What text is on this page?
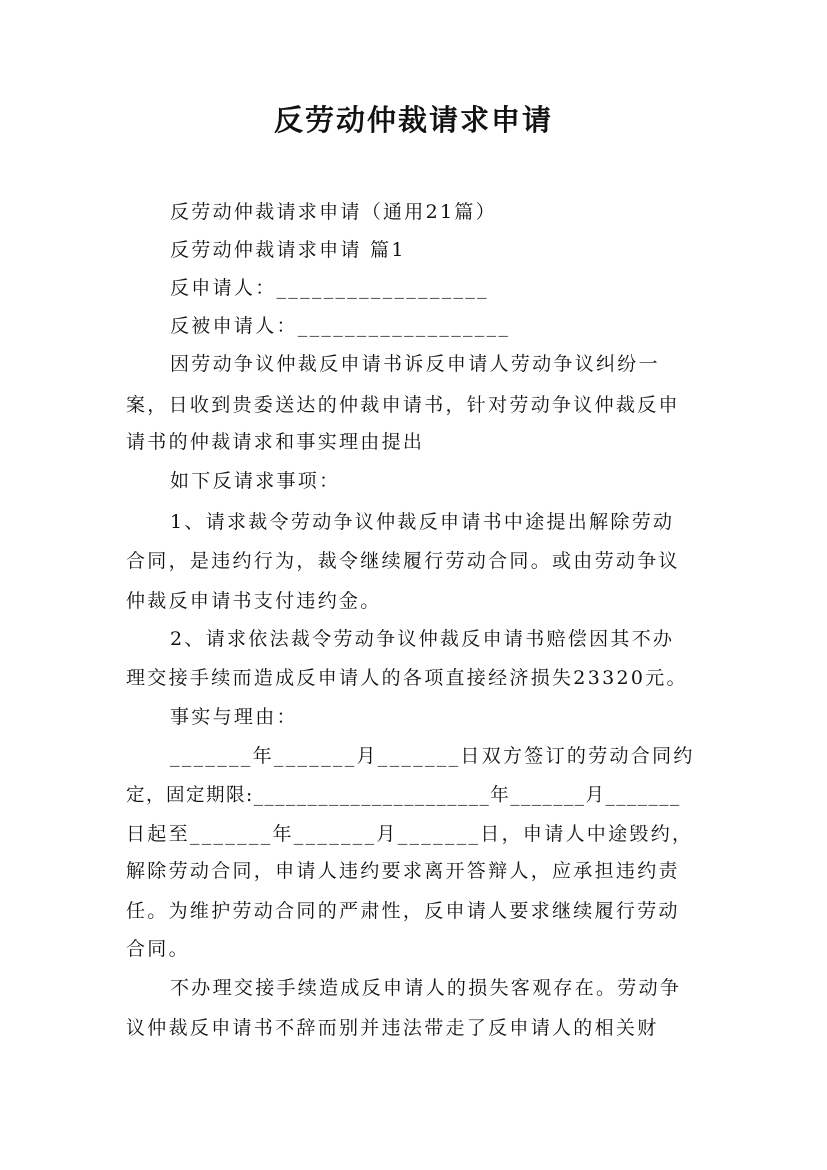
反劳动仲裁请求申请
反劳动仲裁请求申请（通用21篇）
反劳动仲裁请求申请 篇1
反申请人：__________________
反被申请人：__________________
因劳动争议仲裁反申请书诉反申请人劳动争议纠纷一
案，日收到贵委送达的仲裁申请书，针对劳动争议仲裁反申
请书的仲裁请求和事实理由提出
如下反请求事项：
1、请求裁令劳动争议仲裁反申请书中途提出解除劳动
合同，是违约行为，裁令继续履行劳动合同。或由劳动争议
仲裁反申请书支付违约金。
2、请求依法裁令劳动争议仲裁反申请书赔偿因其不办
理交接手续而造成反申请人的各项直接经济损失23320元。
事实与理由：
_______年_______月_______日双方签订的劳动合同约
定，固定期限:______________________年_______月_______
日起至_______年_______月_______日，申请人中途毁约，
解除劳动合同，申请人违约要求离开答辩人，应承担违约责
任。为维护劳动合同的严肃性，反申请人要求继续履行劳动
合同。
不办理交接手续造成反申请人的损失客观存在。劳动争
议仲裁反申请书不辞而别并违法带走了反申请人的相关财
